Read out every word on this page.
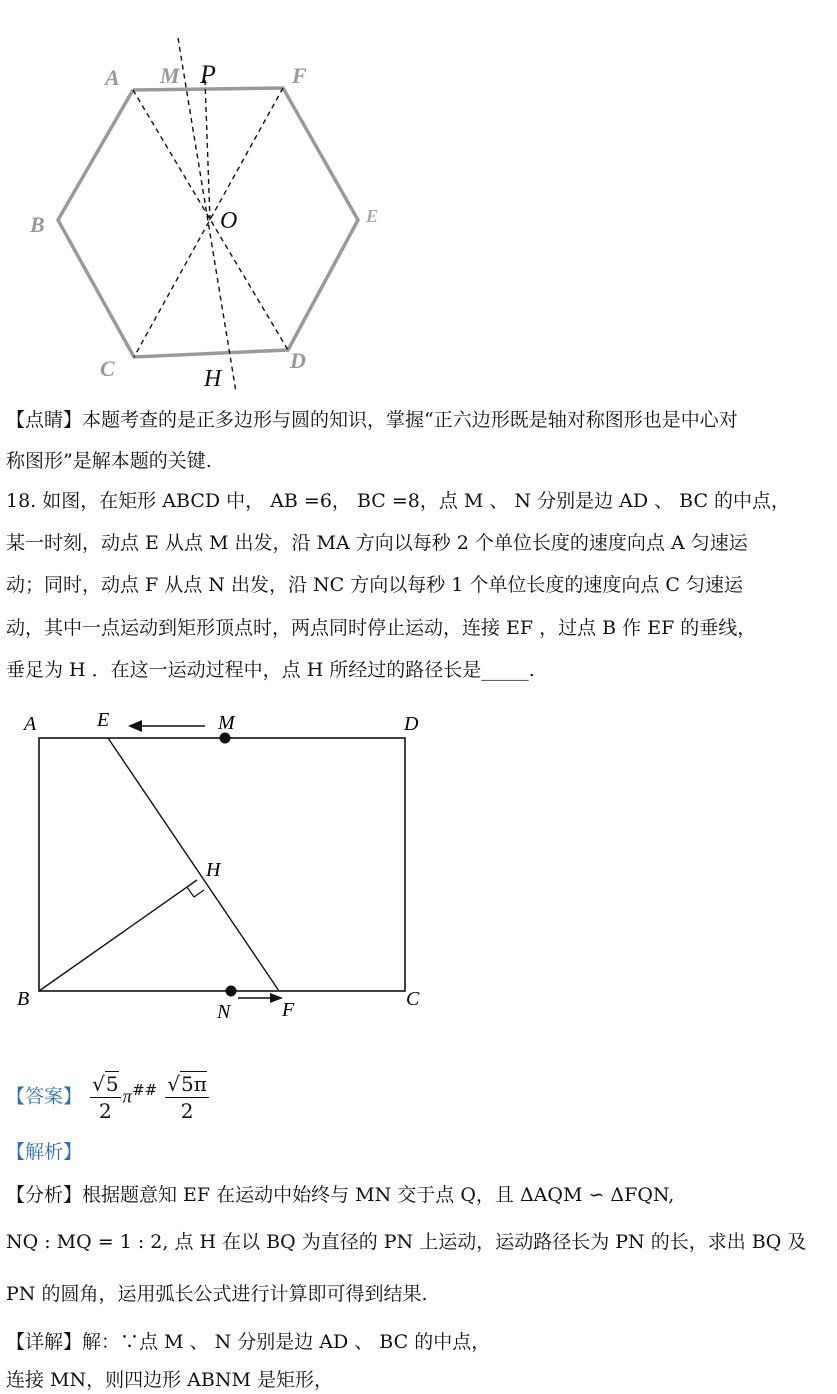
A M P	F
B	O	E
C	H
D
【点睛】本题考查的是正多边形与圆的知识，掌握“正六边形既是轴对称图形也是中心对
称图形”是解本题的关键.
18. 如图，在矩形 ABCD 中， AB =6， BC =8，点 M 、 N 分别是边 AD 、 BC 的中点，
某一时刻，动点 E 从点 M 出发，沿 MA 方向以每秒 2 个单位长度的速度向点 A 匀速运
动；同时，动点 F 从点 N 出发，沿 NC 方向以每秒 1 个单位长度的速度向点 C 匀速运
动，其中一点运动到矩形顶点时，两点同时停止运动，连接 EF ，过点 B 作 EF 的垂线，
垂足为 H ．在这一运动过程中，点 H 所经过的路径长是_____.
A	E	M	D
H
B
N	F	C
【答案】 $\frac{√5}{2} \pi^{\#\#} \frac{√5\pi}{2}$
【解析】
【分析】根据题意知 EF 在运动中始终与 MN 交于点 Q，且 ΔAQM ∽ ΔFQN,
NQ : MQ = 1 : 2, 点 H 在以 BQ 为直径的 PN 上运动，运动路径长为 PN 的长，求出 BQ 及
PN 的圆角，运用弧长公式进行计算即可得到结果.
【详解】解：∵点 M 、 N 分别是边 AD 、 BC 的中点，
连接 MN，则四边形 ABNM 是矩形，
